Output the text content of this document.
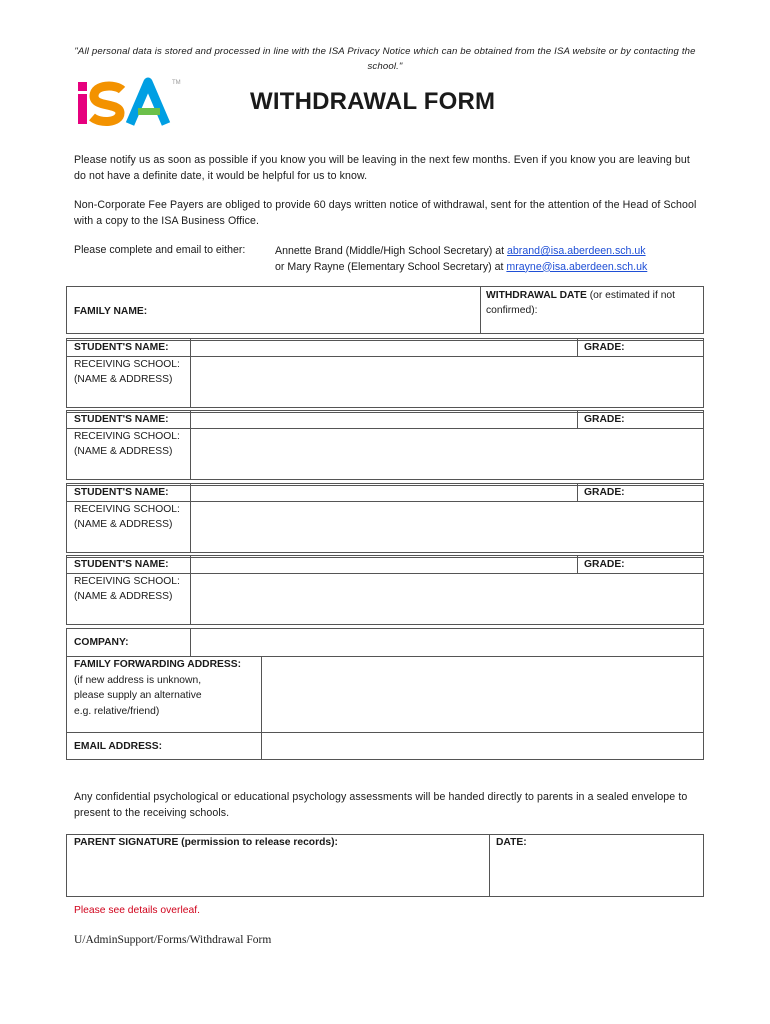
"All personal data is stored and processed in line with the ISA Privacy Notice which can be obtained from the ISA website or by contacting the school."
TM
WITHDRAWAL FORM
Please notify us as soon as possible if you know you will be leaving in the next few months. Even if you know you are leaving but do not have a definite date, it would be helpful for us to know.
Non-Corporate Fee Payers are obliged to provide 60 days written notice of withdrawal, sent for the attention of the Head of School with a copy to the ISA Business Office.
Please complete and email to either:	Annette Brand (Middle/High School Secretary) at abrand@isa.aberdeen.sch.uk
or Mary Rayne (Elementary School Secretary) at mrayne@isa.aberdeen.sch.uk
FAMILY NAME:
WITHDRAWAL DATE (or estimated if not confirmed):
STUDENT'S NAME:	GRADE:
RECEIVING SCHOOL:
(NAME & ADDRESS)
STUDENT'S NAME:	GRADE:
RECEIVING SCHOOL:
(NAME & ADDRESS)
STUDENT'S NAME:	GRADE:
RECEIVING SCHOOL:
(NAME & ADDRESS)
STUDENT'S NAME:	GRADE:
RECEIVING SCHOOL:
(NAME & ADDRESS)
COMPANY:
FAMILY FORWARDING ADDRESS:
(if new address is unknown,
please supply an alternative
e.g. relative/friend)
EMAIL ADDRESS:
Any confidential psychological or educational psychology assessments will be handed directly to parents in a sealed envelope to present to the receiving schools.
PARENT SIGNATURE (permission to release records):	DATE:
Please see details overleaf.
U/AdminSupport/Forms/Withdrawal Form
